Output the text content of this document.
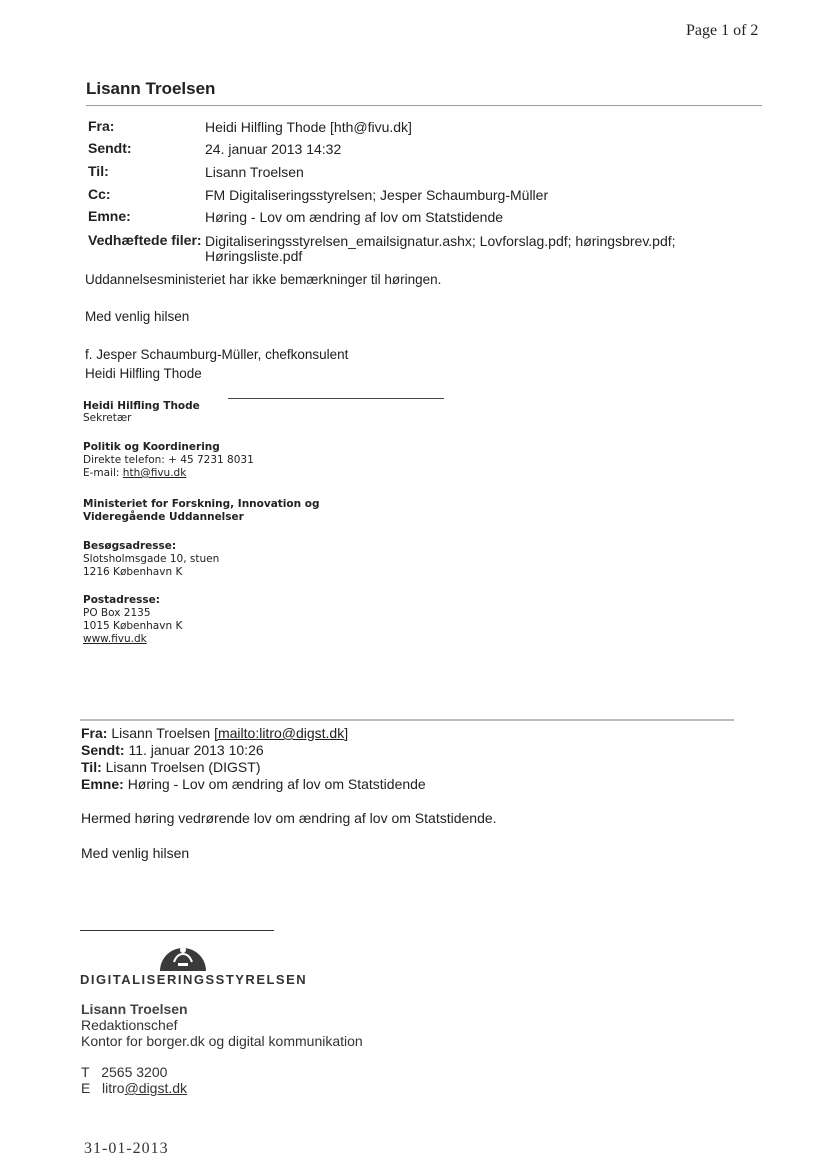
Page 1 of 2
Lisann Troelsen
Fra:	Heidi Hilfling Thode [hth@fivu.dk]
Sendt:	24. januar 2013 14:32
Til:	Lisann Troelsen
Cc:	FM Digitaliseringsstyrelsen; Jesper Schaumburg-Müller
Emne:	Høring - Lov om ændring af lov om Statstidende
Vedhæftede filer: Digitaliseringsstyrelsen_emailsignatur.ashx; Lovforslag.pdf; høringsbrev.pdf;
Høringsliste.pdf
Uddannelsesministeriet har ikke bemærkninger til høringen.
Med venlig hilsen
f. Jesper Schaumburg-Müller, chefkonsulent
Heidi Hilfling Thode
Heidi Hilfling Thode
Sekretær
Politik og Koordinering
Direkte telefon: + 45 7231 8031
E-mail: hth@fivu.dk
Ministeriet for Forskning, Innovation og
Videregående Uddannelser
Besøgsadresse:
Slotsholmsgade 10, stuen
1216 København K
Postadresse:
PO Box 2135
1015 København K
www.fivu.dk
Fra: Lisann Troelsen [mailto:litro@digst.dk]
Sendt: 11. januar 2013 10:26
Til: Lisann Troelsen (DIGST)
Emne: Høring - Lov om ændring af lov om Statstidende
Hermed høring vedrørende lov om ændring af lov om Statstidende.
Med venlig hilsen
DIGITALISERINGSSTYRELSEN
Lisann Troelsen
Redaktionschef
Kontor for borger.dk og digital kommunikation
T 2565 3200
E litro@digst.dk
31-01-2013
